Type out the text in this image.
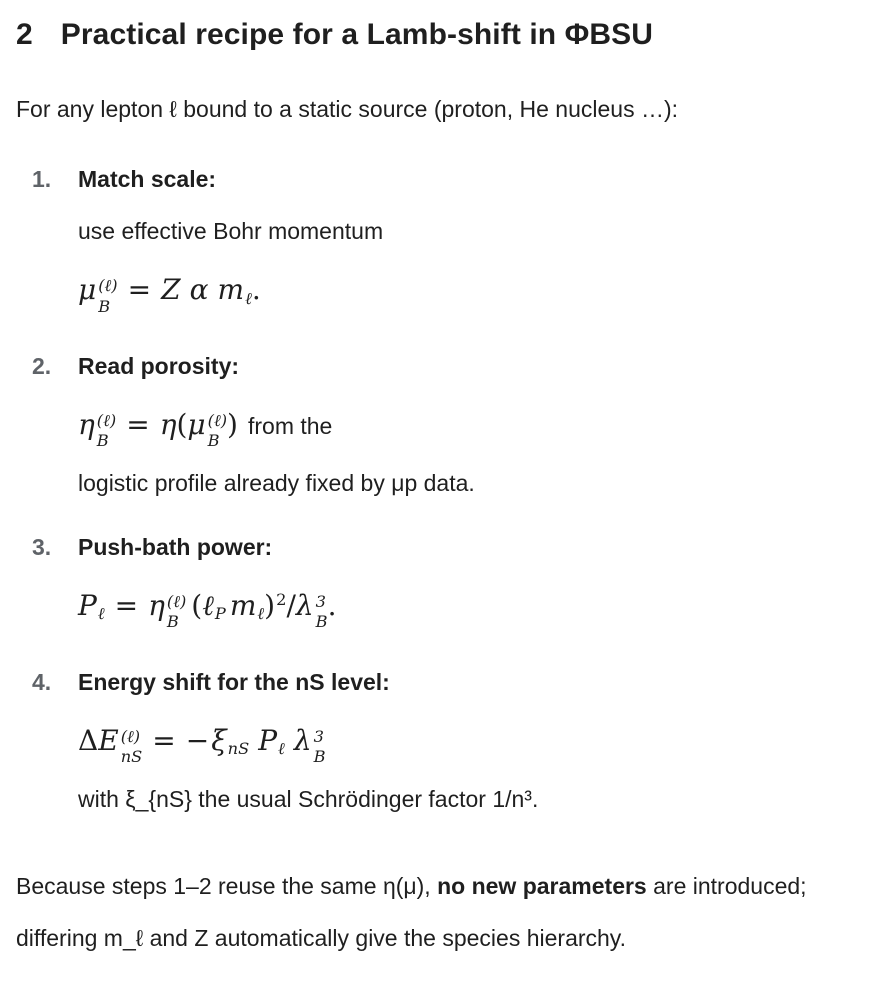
2 Practical recipe for a Lamb-shift in ΦBSU

For any lepton ℓ bound to a static source (proton, He nucleus …):

1.	Match scale:
use effective Bohr momentum
μ (ℓ)
B
= Z α mℓ.
2.	Read porosity:
η (ℓ)
B
= η(μ (ℓ)
B
) from the
logistic profile already fixed by μp data.
3.	Push-bath power:
Pℓ = η (ℓ)
B
(ℓP mℓ)$^2$/λ 3
B
.
4.	Energy shift for the nS level:
ΔE (ℓ)
nS
= −ξnS Pℓ λ 3
B
with ξ_{nS} the usual Schrödinger factor 1/n³.

Because steps 1–2 reuse the same η(μ), no new parameters are introduced; differing m_ℓ and Z automatically give the species hierarchy.
